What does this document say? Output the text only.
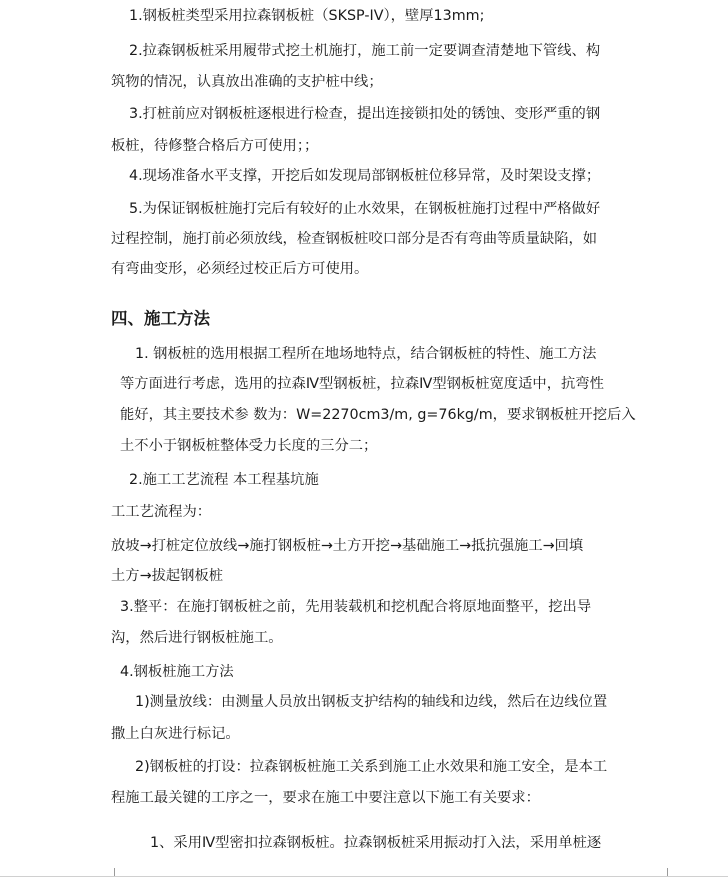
1.钢板桩类型采用拉森钢板桩（SKSP-IV），壁厚13mm;
2.拉森钢板桩采用履带式挖土机施打，施工前一定要调查清楚地下管线、构
筑物的情况，认真放出准确的支护桩中线；
3.打桩前应对钢板桩逐根进行检查，提出连接锁扣处的锈蚀、变形严重的钢
板桩，待修整合格后方可使用；；
4.现场准备水平支撑，开挖后如发现局部钢板桩位移异常，及时架设支撑；
5.为保证钢板桩施打完后有较好的止水效果，在钢板桩施打过程中严格做好
过程控制，施打前必须放线，检查钢板桩咬口部分是否有弯曲等质量缺陷，如
有弯曲变形，必须经过校正后方可使用。
四、施工方法
1. 钢板桩的选用根据工程所在地场地特点，结合钢板桩的特性、施工方法
等方面进行考虑，选用的拉森Ⅳ型钢板桩，拉森Ⅳ型钢板桩宽度适中，抗弯性
能好，其主要技术参 数为：W=2270cm3/m, g=76kg/m，要求钢板桩开挖后入
土不小于钢板桩整体受力长度的三分二；
2.施工工艺流程 本工程基坑施
工工艺流程为：
放坡→打桩定位放线→施打钢板桩→土方开挖→基础施工→抵抗强施工→回填
土方→拔起钢板桩
3.整平：在施打钢板桩之前，先用装载机和挖机配合将原地面整平，挖出导
沟，然后进行钢板桩施工。
4.钢板桩施工方法
1)测量放线：由测量人员放出钢板支护结构的轴线和边线，然后在边线位置
撒上白灰进行标记。
2)钢板桩的打设：拉森钢板桩施工关系到施工止水效果和施工安全，是本工
程施工最关键的工序之一，要求在施工中要注意以下施工有关要求：
1、采用Ⅳ型密扣拉森钢板桩。拉森钢板桩采用振动打入法，采用单桩逐
